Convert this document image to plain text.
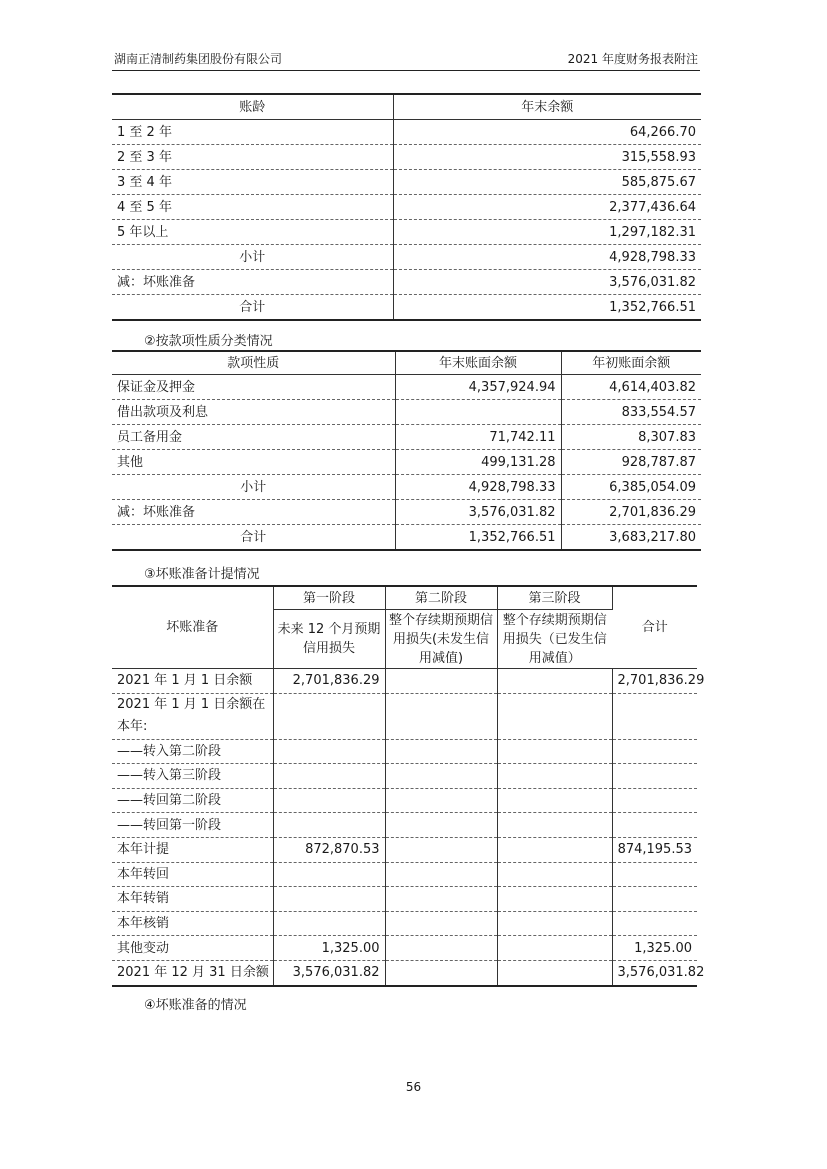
湖南正清制药集团股份有限公司	2021 年度财务报表附注
账龄	年末余额
1 至 2 年	64,266.70
2 至 3 年	315,558.93
3 至 4 年	585,875.67
4 至 5 年	2,377,436.64
5 年以上	1,297,182.31
小计	4,928,798.33
减：坏账准备	3,576,031.82
合计	1,352,766.51
②按款项性质分类情况
款项性质	年末账面余额	年初账面余额
保证金及押金	4,357,924.94	4,614,403.82
借出款项及利息		833,554.57
员工备用金	71,742.11	8,307.83
其他	499,131.28	928,787.87
小计	4,928,798.33	6,385,054.09
减：坏账准备	3,576,031.82	2,701,836.29
合计	1,352,766.51	3,683,217.80
③坏账准备计提情况
坏账准备	第一阶段	第二阶段	第三阶段	合计
	未来 12 个月预期信用损失	整个存续期预期信用损失(未发生信用减值)	整个存续期预期信用损失（已发生信用减值）	
2021 年 1 月 1 日余额	2,701,836.29			2,701,836.29
2021 年 1 月 1 日余额在本年:				
——转入第二阶段				
——转入第三阶段				
——转回第二阶段				
——转回第一阶段				
本年计提	872,870.53			874,195.53
本年转回				
本年转销				
本年核销				
其他变动	1,325.00			1,325.00
2021 年 12 月 31 日余额	3,576,031.82			3,576,031.82
④坏账准备的情况
56
